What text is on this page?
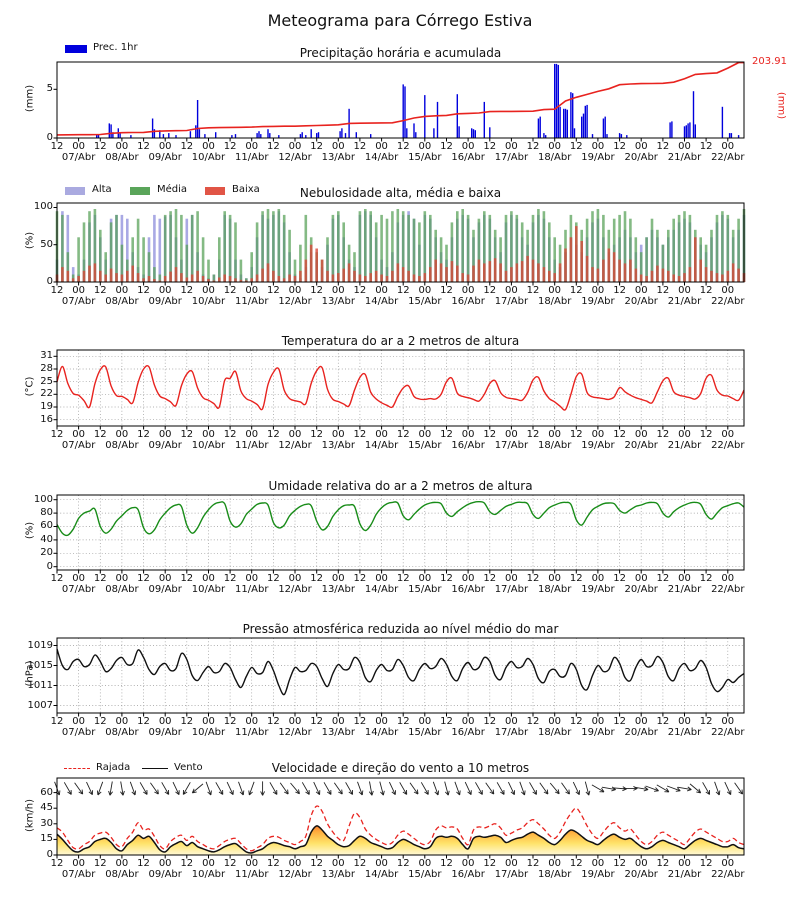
Meteograma para Córrego Estiva
Precipitação horária e acumulada
Prec. 1hr
(mm)	(mm)
203.91
Nebulosidade alta, média e baixa
Alta	Média	Baixa
(%)
Temperatura do ar a 2 metros de altura
(°C)
Umidade relativa do ar a 2 metros de altura
(%)
Pressão atmosférica reduzida ao nível médio do mar
(hPa)
Velocidade e direção do vento a 10 metros
Rajada	Vento
(km/h)
12 00 12 00 12 00 12 00 12 00 12 00 12 00 12 00 12 00 12 00 12 00 12 00 12 00 12 00 12 00 12 00
07/Abr 08/Abr 09/Abr 10/Abr 11/Abr 12/Abr 13/Abr 14/Abr 15/Abr 16/Abr 17/Abr 18/Abr 19/Abr 20/Abr 21/Abr 22/Abr
0
5
12 00 12 00 12 00 12 00 12 00 12 00 12 00 12 00 12 00 12 00 12 00 12 00 12 00 12 00 12 00 12 00
07/Abr 08/Abr 09/Abr 10/Abr 11/Abr 12/Abr 13/Abr 14/Abr 15/Abr 16/Abr 17/Abr 18/Abr 19/Abr 20/Abr 21/Abr 22/Abr
0
50
100
12 00 12 00 12 00 12 00 12 00 12 00 12 00 12 00 12 00 12 00 12 00 12 00 12 00 12 00 12 00 12 00
07/Abr 08/Abr 09/Abr 10/Abr 11/Abr 12/Abr 13/Abr 14/Abr 15/Abr 16/Abr 17/Abr 18/Abr 19/Abr 20/Abr 21/Abr 22/Abr
16
19
22
25
28
31
12 00 12 00 12 00 12 00 12 00 12 00 12 00 12 00 12 00 12 00 12 00 12 00 12 00 12 00 12 00 12 00
07/Abr 08/Abr 09/Abr 10/Abr 11/Abr 12/Abr 13/Abr 14/Abr 15/Abr 16/Abr 17/Abr 18/Abr 19/Abr 20/Abr 21/Abr 22/Abr
0
20
40
60
80
100
12 00 12 00 12 00 12 00 12 00 12 00 12 00 12 00 12 00 12 00 12 00 12 00 12 00 12 00 12 00 12 00
07/Abr 08/Abr 09/Abr 10/Abr 11/Abr 12/Abr 13/Abr 14/Abr 15/Abr 16/Abr 17/Abr 18/Abr 19/Abr 20/Abr 21/Abr 22/Abr
1007
1011
1015
1019
12 00 12 00 12 00 12 00 12 00 12 00 12 00 12 00 12 00 12 00 12 00 12 00 12 00 12 00 12 00 12 00
07/Abr 08/Abr 09/Abr 10/Abr 11/Abr 12/Abr 13/Abr 14/Abr 15/Abr 16/Abr 17/Abr 18/Abr 19/Abr 20/Abr 21/Abr 22/Abr
0
15
30
45
60
